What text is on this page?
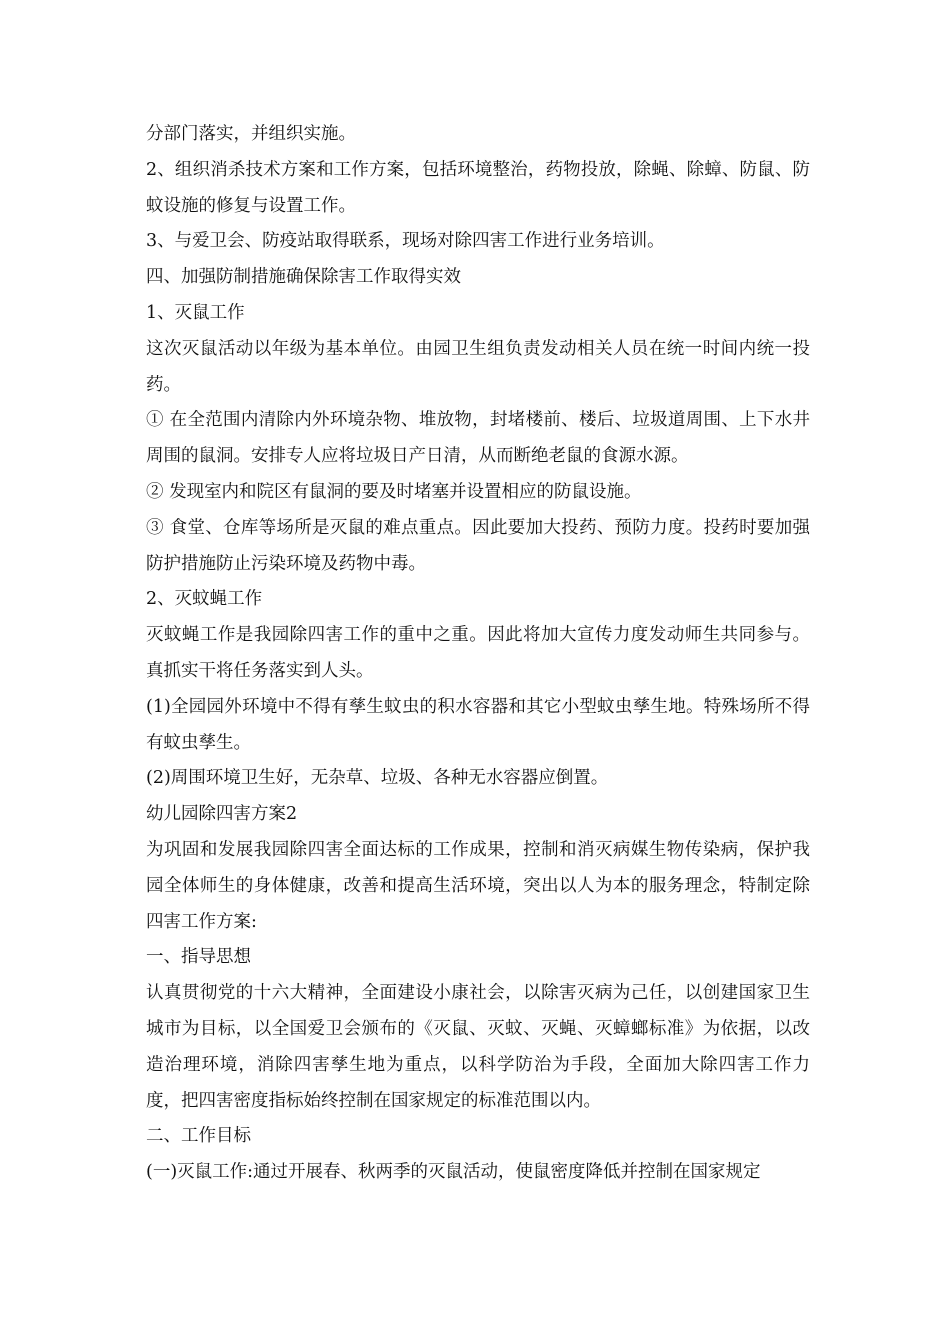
分部门落实，并组织实施。

2、组织消杀技术方案和工作方案，包括环境整治，药物投放，除蝇、除蟑、防鼠、防蚊设施的修复与设置工作。

3、与爱卫会、防疫站取得联系，现场对除四害工作进行业务培训。

四、加强防制措施确保除害工作取得实效

1、灭鼠工作

这次灭鼠活动以年级为基本单位。由园卫生组负责发动相关人员在统一时间内统一投药。

① 在全范围内清除内外环境杂物、堆放物，封堵楼前、楼后、垃圾道周围、上下水井周围的鼠洞。安排专人应将垃圾日产日清，从而断绝老鼠的食源水源。

② 发现室内和院区有鼠洞的要及时堵塞并设置相应的防鼠设施。

③ 食堂、仓库等场所是灭鼠的难点重点。因此要加大投药、预防力度。投药时要加强防护措施防止污染环境及药物中毒。

2、灭蚊蝇工作

灭蚊蝇工作是我园除四害工作的重中之重。因此将加大宣传力度发动师生共同参与。真抓实干将任务落实到人头。

(1)全园园外环境中不得有孳生蚊虫的积水容器和其它小型蚊虫孳生地。特殊场所不得有蚊虫孳生。

(2)周围环境卫生好，无杂草、垃圾、各种无水容器应倒置。

幼儿园除四害方案2

为巩固和发展我园除四害全面达标的工作成果，控制和消灭病媒生物传染病，保护我园全体师生的身体健康，改善和提高生活环境，突出以人为本的服务理念，特制定除四害工作方案:

一、指导思想

认真贯彻党的十六大精神，全面建设小康社会，以除害灭病为己任，以创建国家卫生城市为目标，以全国爱卫会颁布的《灭鼠、灭蚊、灭蝇、灭蟑螂标准》为依据，以改造治理环境，消除四害孳生地为重点，以科学防治为手段，全面加大除四害工作力度，把四害密度指标始终控制在国家规定的标准范围以内。

二、工作目标

(一)灭鼠工作:通过开展春、秋两季的灭鼠活动，使鼠密度降低并控制在国家规定
